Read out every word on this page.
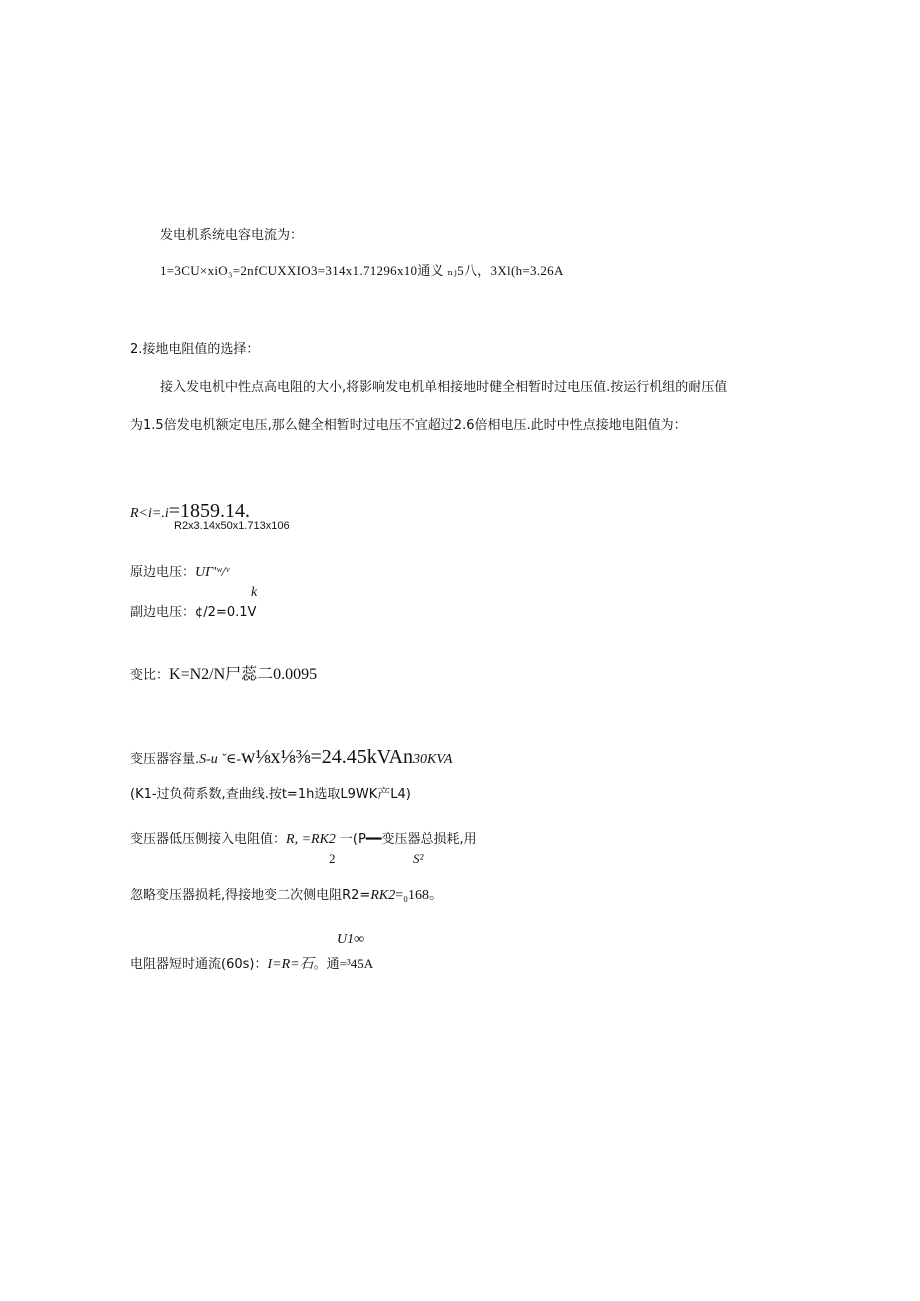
发电机系统电容电流为：
1=3CU×xiO₃=2nfCUXXIO3=314x1.71296x10通义 ₙⱼ5八，3Xl(h=3.26A
2.接地电阻值的选择：
接入发电机中性点高电阻的大小,将影响发电机单相接地时健全相暂时过电压值.按运行机组的耐压值
为1.5倍发电机额定电压,那么健全相暂时过电压不宜超过2.6倍相电压.此时中性点接地电阻值为：
R<i=.i=1859.14.
R2x3.14x50x1.713x106
原边电压：UΓ'ʷ/ᵛ
k
副边电压：¢/2=0.1V
变比：K=N2/N尸蕊二0.0095
变压器容量.S-u ˇ∈-w⅛x⅛⅜=24.45kVAn30KVA
(K1-过负荷系数,查曲线.按t=1h选取L9WK产L4)
变压器低压侧接入电阻值：R, =RK2 一(P━━变压器总损耗,用
2	S²
忽略变压器损耗,得接地变二次侧电阻R2=RK2=₀168。
U1∞
电阻器短时通流(60s)：I=R=石。通=³45A
